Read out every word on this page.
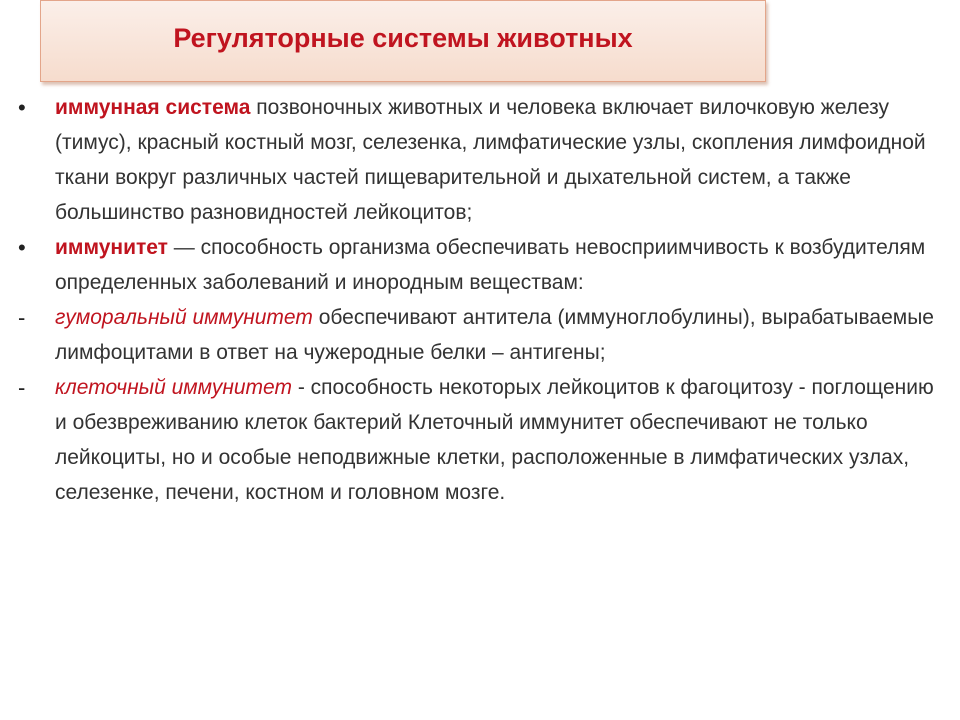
Регуляторные системы животных
•	иммунная система позвоночных животных и человека включает вилочковую железу (тимус), красный костный мозг, селезенка, лимфатические узлы, скопления лимфоидной ткани вокруг различных частей пищеварительной и дыхательной систем, а также большинство разновидностей лейкоцитов;
•	иммунитет — способность организма обеспечивать невосприимчивость к возбудителям определенных заболеваний и инородным веществам:
-	гуморальный иммунитет обеспечивают антитела (иммуноглобулины), вырабатываемые лимфоцитами в ответ на чужеродные белки – антигены;
-	клеточный иммунитет - способность некоторых лейкоцитов к фагоцитозу - поглощению и обезвреживанию клеток бактерий Клеточный иммунитет обеспечивают не только лейкоциты, но и особые неподвижные клетки, расположенные в лимфатических узлах, селезенке, печени, костном и головном мозге.
